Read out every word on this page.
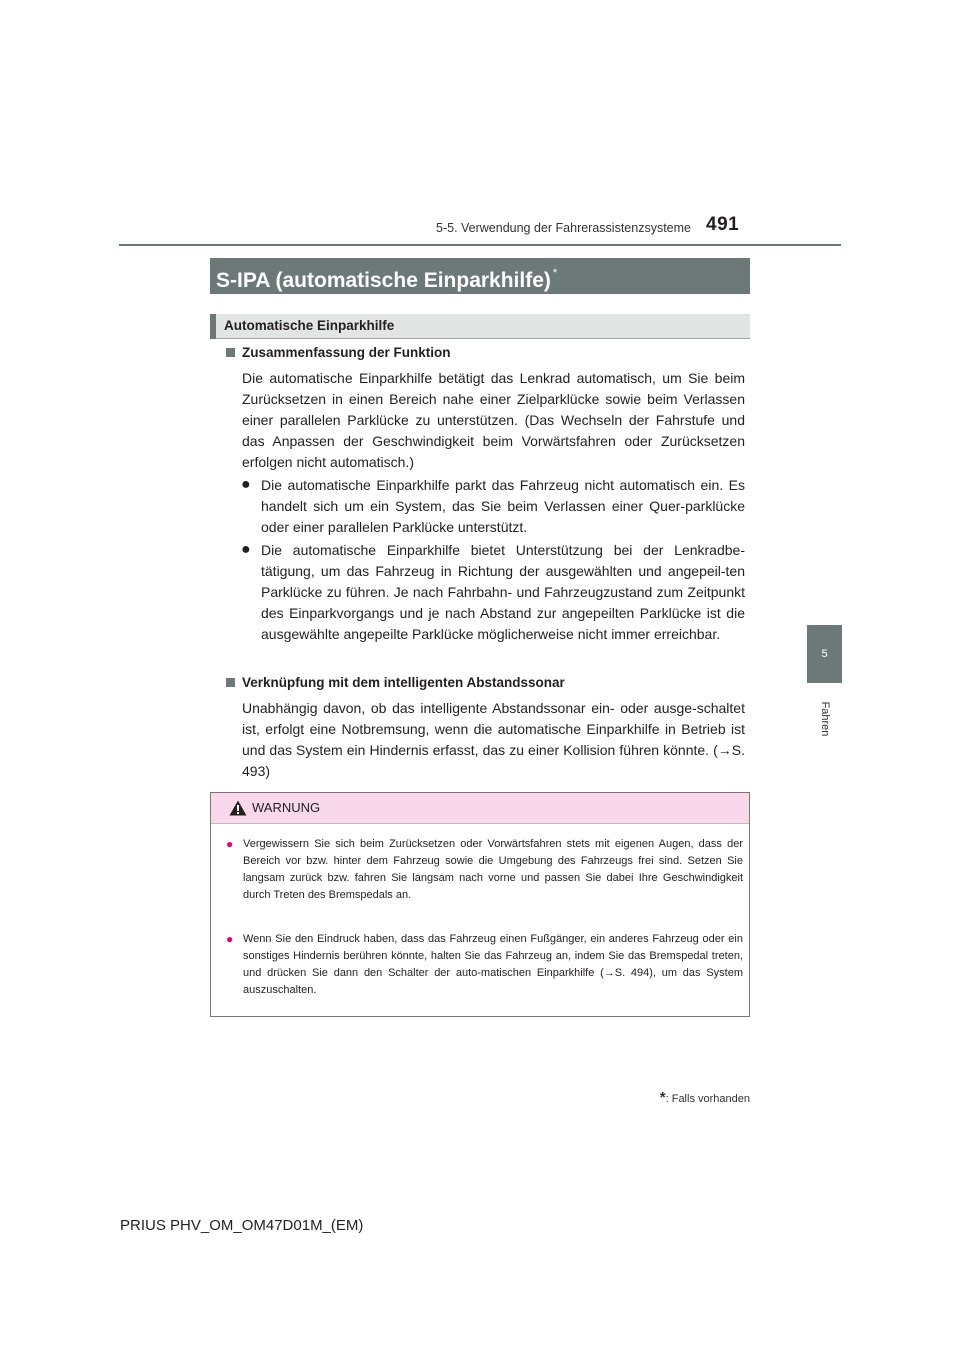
5-5. Verwendung der Fahrerassistenzsysteme 491
5
Fahren
S-IPA (automatische Einparkhilfe) *
Automatische Einparkhilfe
Zusammenfassung der Funktion
Die automatische Einparkhilfe betätigt das Lenkrad automatisch, um Sie beim Zurücksetzen in einen Bereich nahe einer Zielparklücke sowie beim Verlassen einer parallelen Parklücke zu unterstützen. (Das Wechseln der Fahrstufe und das Anpassen der Geschwindigkeit beim Vorwärtsfahren oder Zurücksetzen erfolgen nicht automatisch.)
● Die automatische Einparkhilfe parkt das Fahrzeug nicht automatisch ein. Es handelt sich um ein System, das Sie beim Verlassen einer Quer-parklücke oder einer parallelen Parklücke unterstützt.
● Die automatische Einparkhilfe bietet Unterstützung bei der Lenkradbe-tätigung, um das Fahrzeug in Richtung der ausgewählten und angepeil-ten Parklücke zu führen. Je nach Fahrbahn- und Fahrzeugzustand zum Zeitpunkt des Einparkvorgangs und je nach Abstand zur angepeilten Parklücke ist die ausgewählte angepeilte Parklücke möglicherweise nicht immer erreichbar.
Verknüpfung mit dem intelligenten Abstandssonar
Unabhängig davon, ob das intelligente Abstandssonar ein- oder ausge-schaltet ist, erfolgt eine Notbremsung, wenn die automatische Einparkhilfe in Betrieb ist und das System ein Hindernis erfasst, das zu einer Kollision führen könnte. (→S. 493)
WARNUNG
● Vergewissern Sie sich beim Zurücksetzen oder Vorwärtsfahren stets mit eigenen Augen, dass der Bereich vor bzw. hinter dem Fahrzeug sowie die Umgebung des Fahrzeugs frei sind. Setzen Sie langsam zurück bzw. fahren Sie langsam nach vorne und passen Sie dabei Ihre Geschwindigkeit durch Treten des Bremspedals an.
● Wenn Sie den Eindruck haben, dass das Fahrzeug einen Fußgänger, ein anderes Fahrzeug oder ein sonstiges Hindernis berühren könnte, halten Sie das Fahrzeug an, indem Sie das Bremspedal treten, und drücken Sie dann den Schalter der auto-matischen Einparkhilfe (→S. 494), um das System auszuschalten.
*: Falls vorhanden
PRIUS PHV_OM_OM47D01M_(EM)
